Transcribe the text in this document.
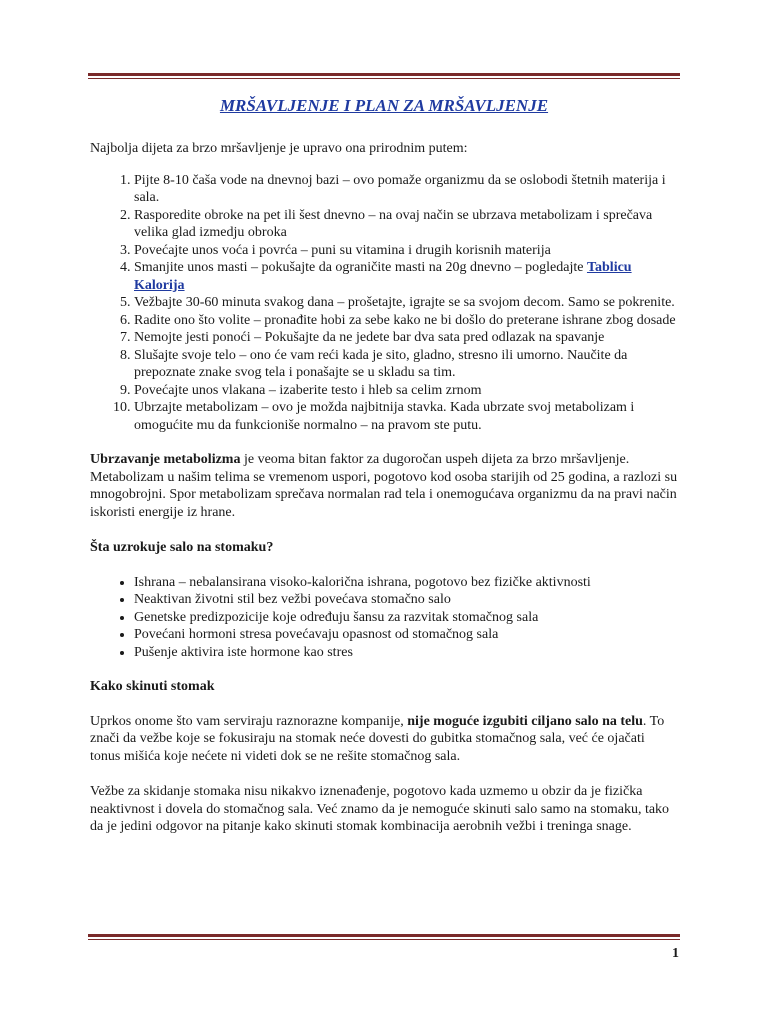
MRŠAVLJENJE I PLAN ZA MRŠAVLJENJE

Najbolja dijeta za brzo mršavljenje je upravo ona prirodnim putem:

1. Pijte 8-10 čaša vode na dnevnoj bazi – ovo pomaže organizmu da se oslobodi štetnih materija i sala.
2. Rasporedite obroke na pet ili šest dnevno – na ovaj način se ubrzava metabolizam i sprečava velika glad izmedju obroka
3. Povećajte unos voća i povrća – puni su vitamina i drugih korisnih materija
4. Smanjite unos masti – pokušajte da ograničite masti na 20g dnevno – pogledajte Tablicu Kalorija
5. Vežbajte 30-60 minuta svakog dana – prošetajte, igrajte se sa svojom decom. Samo se pokrenite.
6. Radite ono što volite – pronađite hobi za sebe kako ne bi došlo do preterane ishrane zbog dosade
7. Nemojte jesti ponoći – Pokušajte da ne jedete bar dva sata pred odlazak na spavanje
8. Slušajte svoje telo – ono će vam reći kada je sito, gladno, stresno ili umorno. Naučite da prepoznate znake svog tela i ponašajte se u skladu sa tim.
9. Povećajte unos vlakana – izaberite testo i hleb sa celim zrnom
10. Ubrzajte metabolizam – ovo je možda najbitnija stavka. Kada ubrzate svoj metabolizam i omogućite mu da funkcioniše normalno – na pravom ste putu.

Ubrzavanje metabolizma je veoma bitan faktor za dugoročan uspeh dijeta za brzo mršavljenje. Metabolizam u našim telima se vremenom uspori, pogotovo kod osoba starijih od 25 godina, a razlozi su mnogobrojni. Spor metabolizam sprečava normalan rad tela i onemogućava organizmu da na pravi način iskoristi energije iz hrane.

Šta uzrokuje salo na stomaku?

• Ishrana – nebalansirana visoko-kalorična ishrana, pogotovo bez fizičke aktivnosti
• Neaktivan životni stil bez vežbi povećava stomačno salo
• Genetske predizpozicije koje određuju šansu za razvitak stomačnog sala
• Povećani hormoni stresa povećavaju opasnost od stomačnog sala
• Pušenje aktivira iste hormone kao stres

Kako skinuti stomak

Uprkos onome što vam serviraju raznorazne kompanije, nije moguće izgubiti ciljano salo na telu. To znači da vežbe koje se fokusiraju na stomak neće dovesti do gubitka stomačnog sala, već će ojačati tonus mišića koje nećete ni videti dok se ne rešite stomačnog sala.

Vežbe za skidanje stomaka nisu nikakvo iznenađenje, pogotovo kada uzmemo u obzir da je fizička neaktivnost i dovela do stomačnog sala. Već znamo da je nemoguće skinuti salo samo na stomaku, tako da je jedini odgovor na pitanje kako skinuti stomak kombinacija aerobnih vežbi i treninga snage.

1
